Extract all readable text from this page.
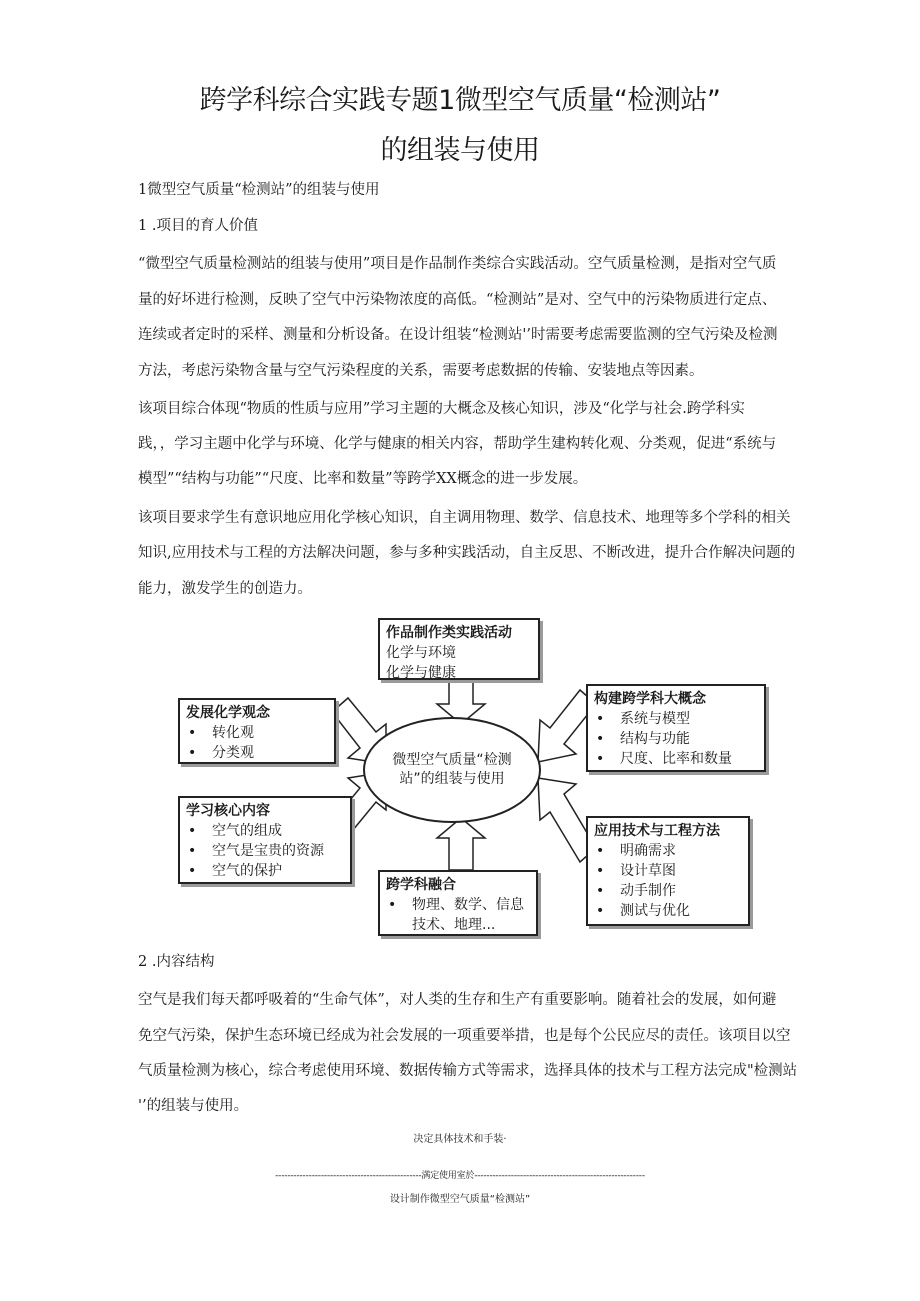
跨学科综合实践专题1微型空气质量“检测站”
的组装与使用
1微型空气质量“检测站”的组装与使用
1 .项目的育人价值
“微型空气质量检测站的组装与使用”项目是作品制作类综合实践活动。空气质量检测，是指对空气质
量的好坏进行检测，反映了空气中污染物浓度的高低。“检测站”是对、空气中的污染物质进行定点、
连续或者定时的采样、测量和分析设备。在设计组装“检测站'’时需要考虑需要监测的空气污染及检测
方法，考虑污染物含量与空气污染程度的关系，需要考虑数据的传输、安装地点等因素。
该项目综合体现“物质的性质与应用”学习主题的大概念及核心知识，涉及“化学与社会.跨学科实
践，，学习主题中化学与环境、化学与健康的相关内容，帮助学生建构转化观、分类观，促进“系统与
模型”“结构与功能”“尺度、比率和数量”等跨学XX概念的进一步发展。
该项目要求学生有意识地应用化学核心知识，自主调用物理、数学、信息技术、地理等多个学科的相关
知识,应用技术与工程的方法解决问题，参与多种实践活动，自主反思、不断改进，提升合作解决问题的
能力，激发学生的创造力。
作品制作类实践活动
化学与环境
化学与健康
发展化学观念
• 转化观
• 分类观
学习核心内容
• 空气的组成
• 空气是宝贵的资源
• 空气的保护
跨学科融合
• 物理、数学、信息技术、地理...
构建跨学科大概念
• 系统与模型
• 结构与功能
• 尺度、比率和数量
应用技术与工程方法
• 明确需求
• 设计草图
• 动手制作
• 测试与优化
微型空气质量“检测站”的组装与使用
2 .内容结构
空气是我们每天都呼吸着的“生命气体”，对人类的生存和生产有重要影响。随着社会的发展，如何避
免空气污染，保护生态环境已经成为社会发展的一项重要举措，也是每个公民应尽的责任。该项目以空
气质量检测为核心，综合考虑使用环境、数据传输方式等需求，选择具体的技术与工程方法完成"检测站
'’的组装与使用。
决定具体技术和手装·
------------------------------------------------满定使用室於--------------------------------------------------------
设计制作微型空气质量“检测站”
